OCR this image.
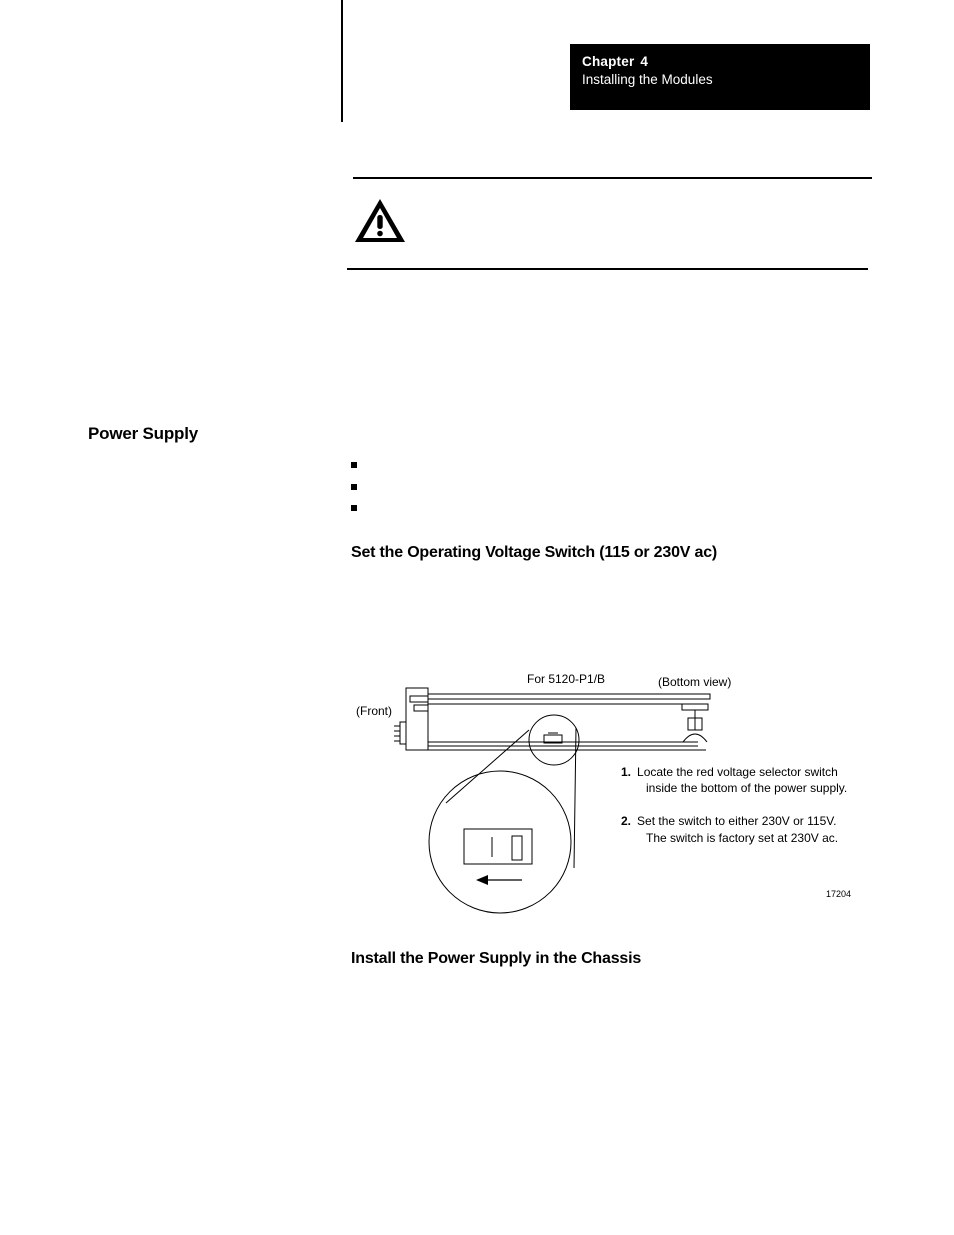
Chapter 4
Installing the Modules
Power Supply
Set the Operating Voltage Switch (115 or 230V ac)
For 5120-P1/B	(Bottom view)
(Front)
1. Locate the red voltage selector switch
inside the bottom of the power supply.
2. Set the switch to either 230V or 115V.
The switch is factory set at 230V ac.
17204
Install the Power Supply in the Chassis
